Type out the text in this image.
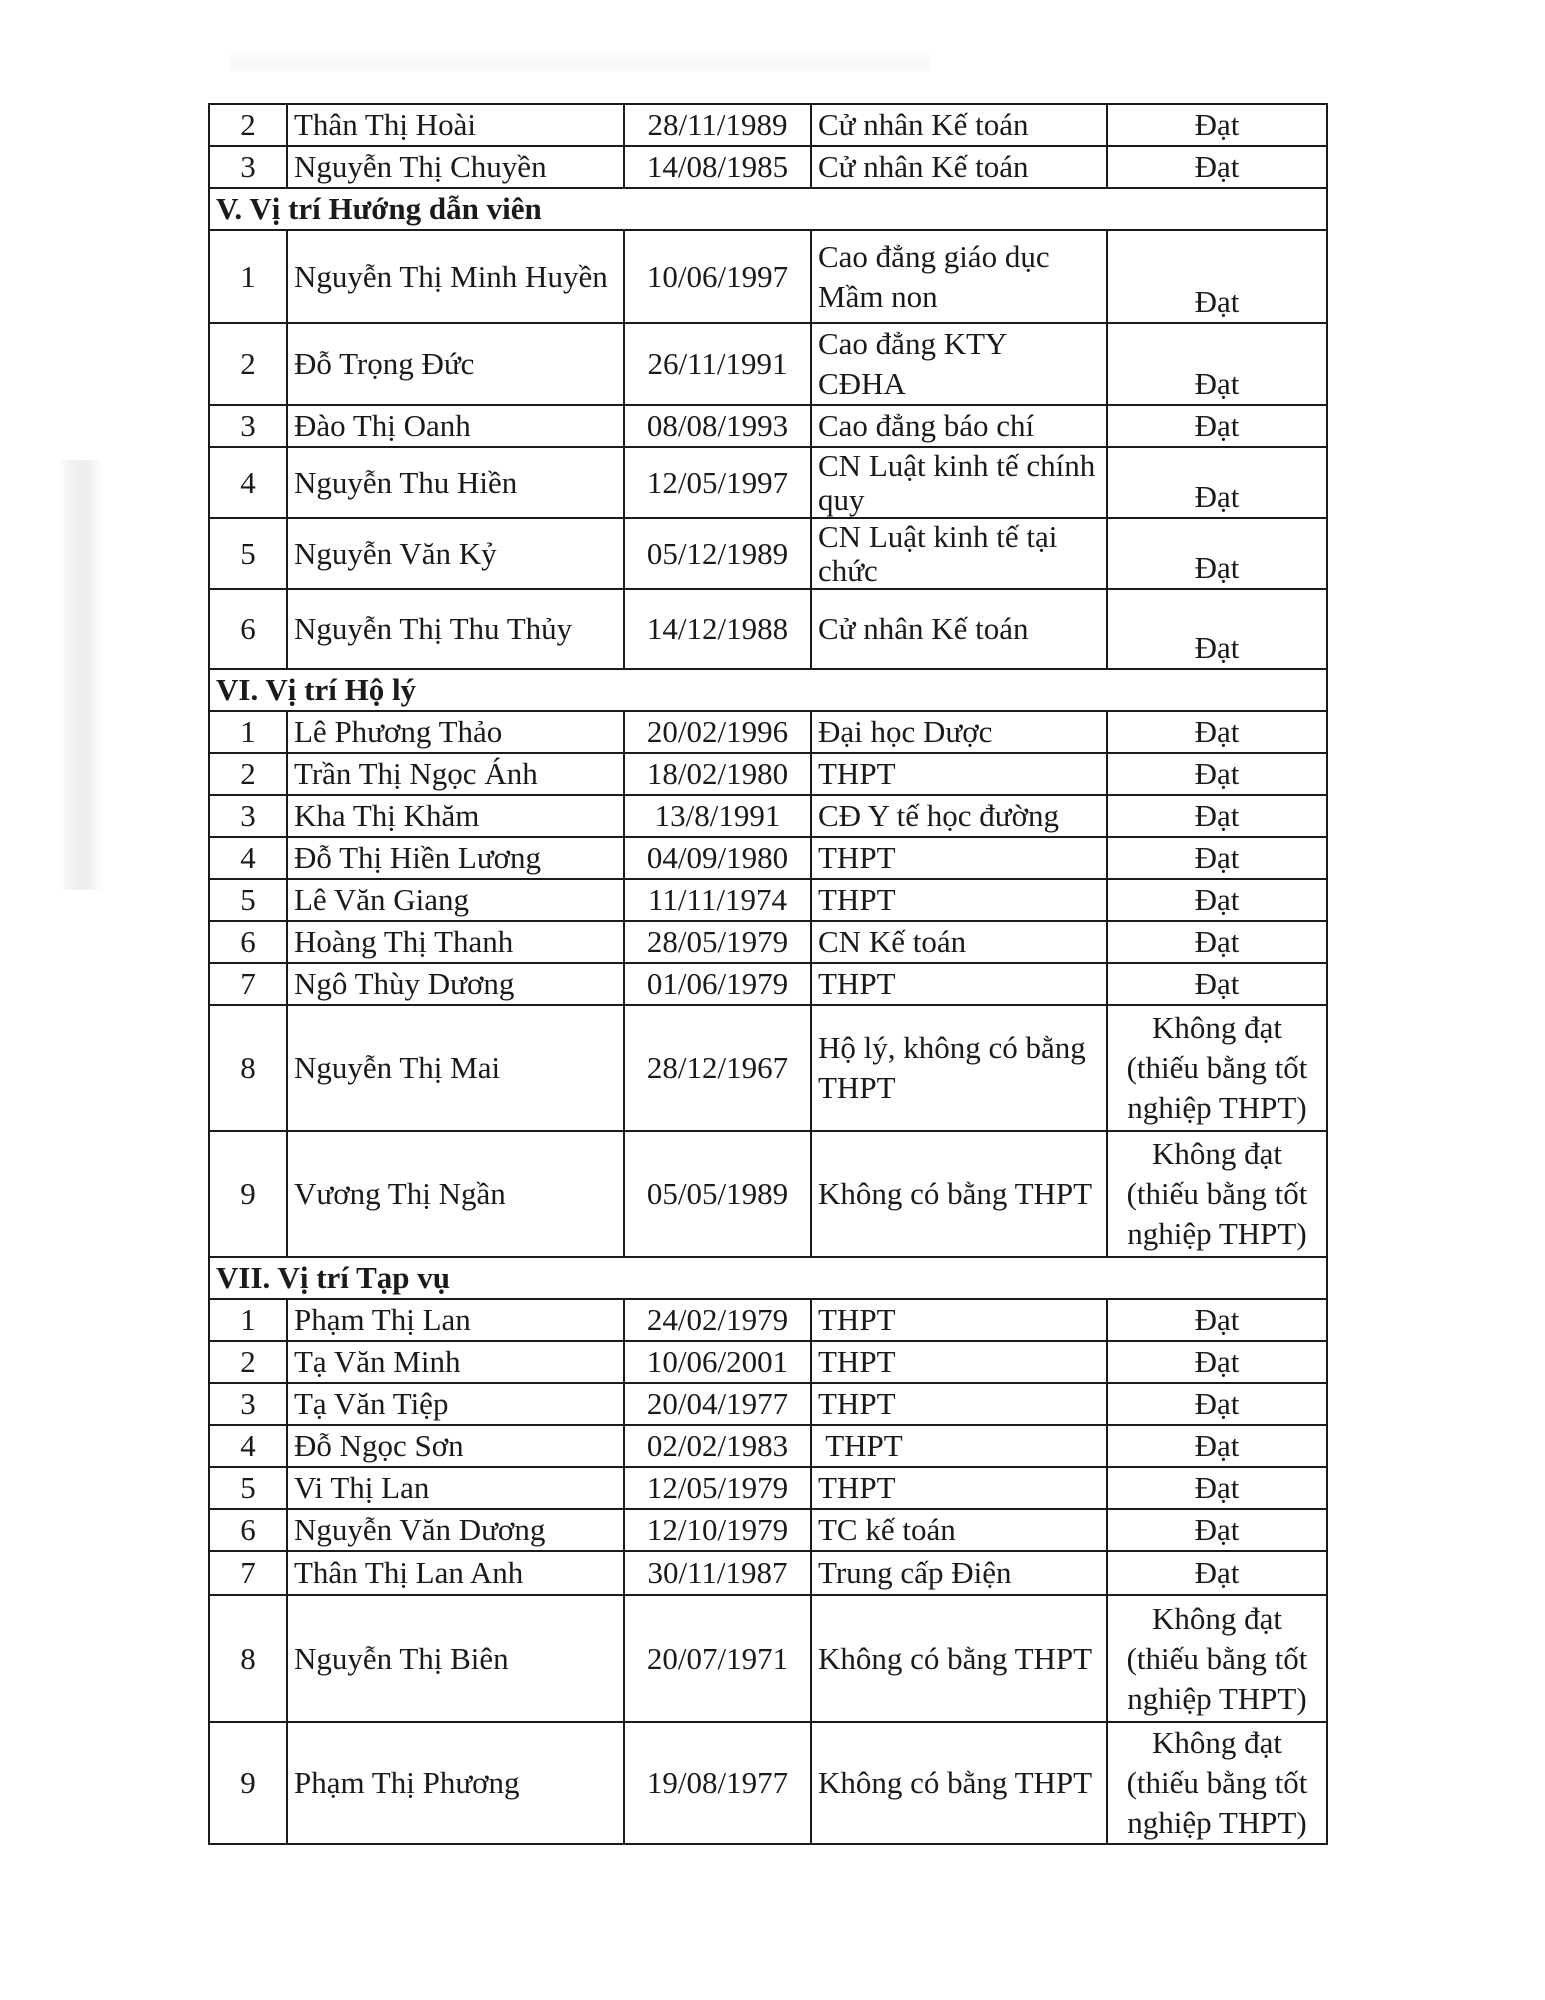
2	Thân Thị Hoài	28/11/1989	Cử nhân Kế toán	Đạt
3	Nguyễn Thị Chuyền	14/08/1985	Cử nhân Kế toán	Đạt
V. Vị trí Hướng dẫn viên				
1	Nguyễn Thị Minh Huyền	10/06/1997	Cao đẳng giáo dục Mầm non	Đạt
2	Đỗ Trọng Đức	26/11/1991	Cao đẳng KTY CĐHA	Đạt
3	Đào Thị Oanh	08/08/1993	Cao đẳng báo chí	Đạt
4	Nguyễn Thu Hiền	12/05/1997	CN Luật kinh tế chính quy	Đạt
5	Nguyễn Văn Kỷ	05/12/1989	CN Luật kinh tế tại chức	Đạt
6	Nguyễn Thị Thu Thủy	14/12/1988	Cử nhân Kế toán	Đạt
VI. Vị trí Hộ lý				
1	Lê Phương Thảo	20/02/1996	Đại học Dược	Đạt
2	Trần Thị Ngọc Ánh	18/02/1980	THPT	Đạt
3	Kha Thị Khăm	13/8/1991	CĐ Y tế học đường	Đạt
4	Đỗ Thị Hiền Lương	04/09/1980	THPT	Đạt
5	Lê Văn Giang	11/11/1974	THPT	Đạt
6	Hoàng Thị Thanh	28/05/1979	CN Kế toán	Đạt
7	Ngô Thùy Dương	01/06/1979	THPT	Đạt
8	Nguyễn Thị Mai	28/12/1967	Hộ lý, không có bằng THPT	Không đạt (thiếu bằng tốt nghiệp THPT)
9	Vương Thị Ngần	05/05/1989	Không có bằng THPT	Không đạt (thiếu bằng tốt nghiệp THPT)
VII. Vị trí Tạp vụ				
1	Phạm Thị Lan	24/02/1979	THPT	Đạt
2	Tạ Văn Minh	10/06/2001	THPT	Đạt
3	Tạ Văn Tiệp	20/04/1977	THPT	Đạt
4	Đỗ Ngọc Sơn	02/02/1983	THPT	Đạt
5	Vi Thị Lan	12/05/1979	THPT	Đạt
6	Nguyễn Văn Dương	12/10/1979	TC kế toán	Đạt
7	Thân Thị Lan Anh	30/11/1987	Trung cấp Điện	Đạt
8	Nguyễn Thị Biên	20/07/1971	Không có bằng THPT	Không đạt (thiếu bằng tốt nghiệp THPT)
9	Phạm Thị Phương	19/08/1977	Không có bằng THPT	Không đạt (thiếu bằng tốt nghiệp THPT)
